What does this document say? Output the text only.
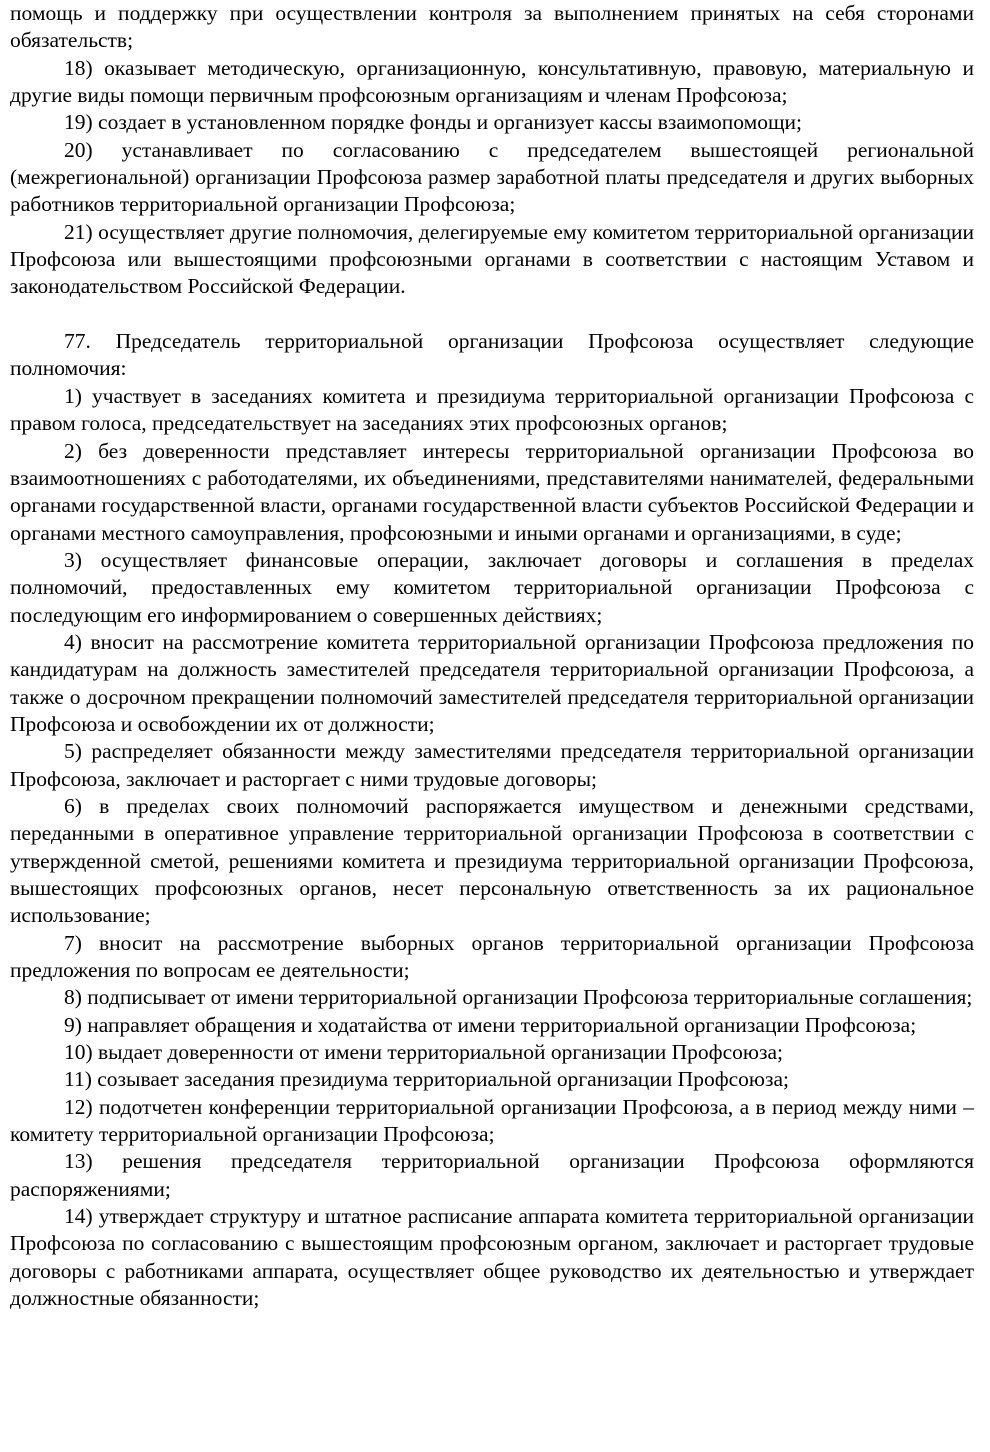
помощь и поддержку при осуществлении контроля за выполнением принятых на себя сторонами обязательств;

18) оказывает методическую, организационную, консультативную, правовую, материальную и другие виды помощи первичным профсоюзным организациям и членам Профсоюза;

19) создает в установленном порядке фонды и организует кассы взаимопомощи;

20) устанавливает по согласованию с председателем вышестоящей региональной (межрегиональной) организации Профсоюза размер заработной платы председателя и других выборных работников территориальной организации Профсоюза;

21) осуществляет другие полномочия, делегируемые ему комитетом территориальной организации Профсоюза или вышестоящими профсоюзными органами в соответствии с настоящим Уставом и законодательством Российской Федерации.

77. Председатель территориальной организации Профсоюза осуществляет следующие полномочия:

1) участвует в заседаниях комитета и президиума территориальной организации Профсоюза с правом голоса, председательствует на заседаниях этих профсоюзных органов;

2) без доверенности представляет интересы территориальной организации Профсоюза во взаимоотношениях с работодателями, их объединениями, представителями нанимателей, федеральными органами государственной власти, органами государственной власти субъектов Российской Федерации и органами местного самоуправления, профсоюзными и иными органами и организациями, в суде;

3) осуществляет финансовые операции, заключает договоры и соглашения в пределах полномочий, предоставленных ему комитетом территориальной организации Профсоюза с последующим его информированием о совершенных действиях;

4) вносит на рассмотрение комитета территориальной организации Профсоюза предложения по кандидатурам на должность заместителей председателя территориальной организации Профсоюза, а также о досрочном прекращении полномочий заместителей председателя территориальной организации Профсоюза и освобождении их от должности;

5) распределяет обязанности между заместителями председателя территориальной организации Профсоюза, заключает и расторгает с ними трудовые договоры;

6) в пределах своих полномочий распоряжается имуществом и денежными средствами, переданными в оперативное управление территориальной организации Профсоюза в соответствии с утвержденной сметой, решениями комитета и президиума территориальной организации Профсоюза, вышестоящих профсоюзных органов, несет персональную ответственность за их рациональное использование;

7) вносит на рассмотрение выборных органов территориальной организации Профсоюза предложения по вопросам ее деятельности;

8) подписывает от имени территориальной организации Профсоюза территориальные соглашения;

9) направляет обращения и ходатайства от имени территориальной организации Профсоюза;

10) выдает доверенности от имени территориальной организации Профсоюза;

11) созывает заседания президиума территориальной организации Профсоюза;

12) подотчетен конференции территориальной организации Профсоюза, а в период между ними – комитету территориальной организации Профсоюза;

13) решения председателя территориальной организации Профсоюза оформляются распоряжениями;

14) утверждает структуру и штатное расписание аппарата комитета территориальной организации Профсоюза по согласованию с вышестоящим профсоюзным органом, заключает и расторгает трудовые договоры с работниками аппарата, осуществляет общее руководство их деятельностью и утверждает должностные обязанности;
